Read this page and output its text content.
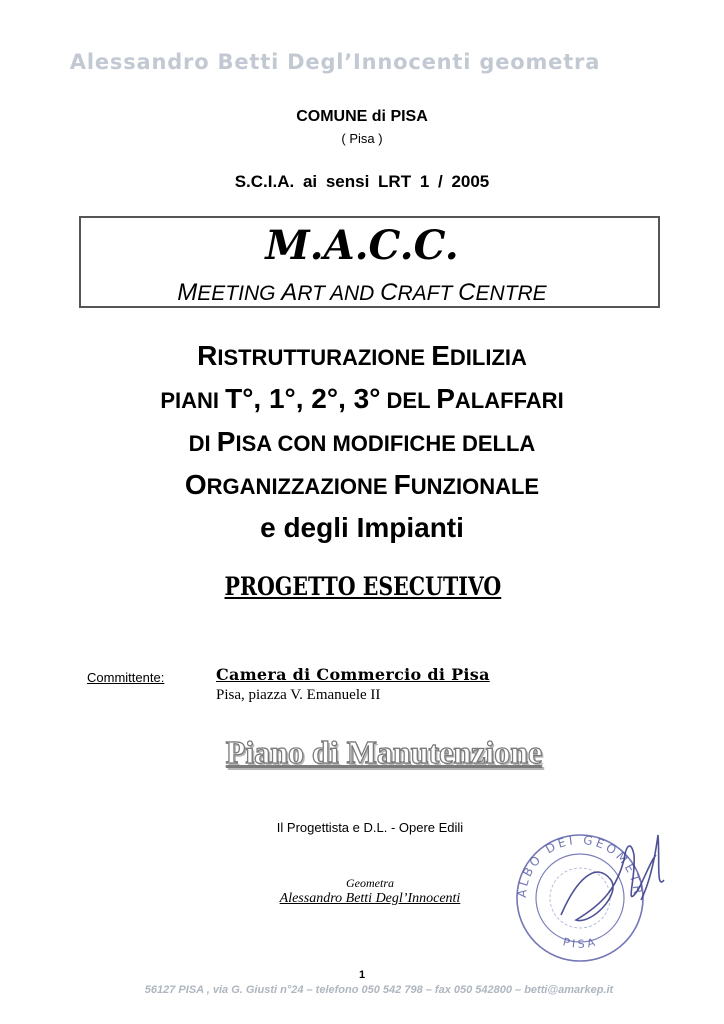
Alessandro Betti Degl’Innocenti geometra
COMUNE di PISA
( Pisa )
S.C.I.A. ai sensi LRT 1 / 2005
M.A.C.C.
MEETING ART AND CRAFT CENTRE
RISTRUTTURAZIONE EDILIZIA
PIANI T°, 1°, 2°, 3° DEL PALAFFARI
DI PISA CON MODIFICHE DELLA
ORGANIZZAZIONE FUNZIONALE
e degli Impianti
PROGETTO ESECUTIVO
Committente:	Camera di Commercio di Pisa
Pisa, piazza V. Emanuele II
Piano di Manutenzione
Il Progettista e D.L. - Opere Edili
Geometra
Alessandro Betti Degl’Innocenti	ALBO DEI GEOMETR
PISA
1
56127 PISA , via G. Giusti n°24 – telefono 050 542 798 – fax 050 542800 – betti@amarkep.it
